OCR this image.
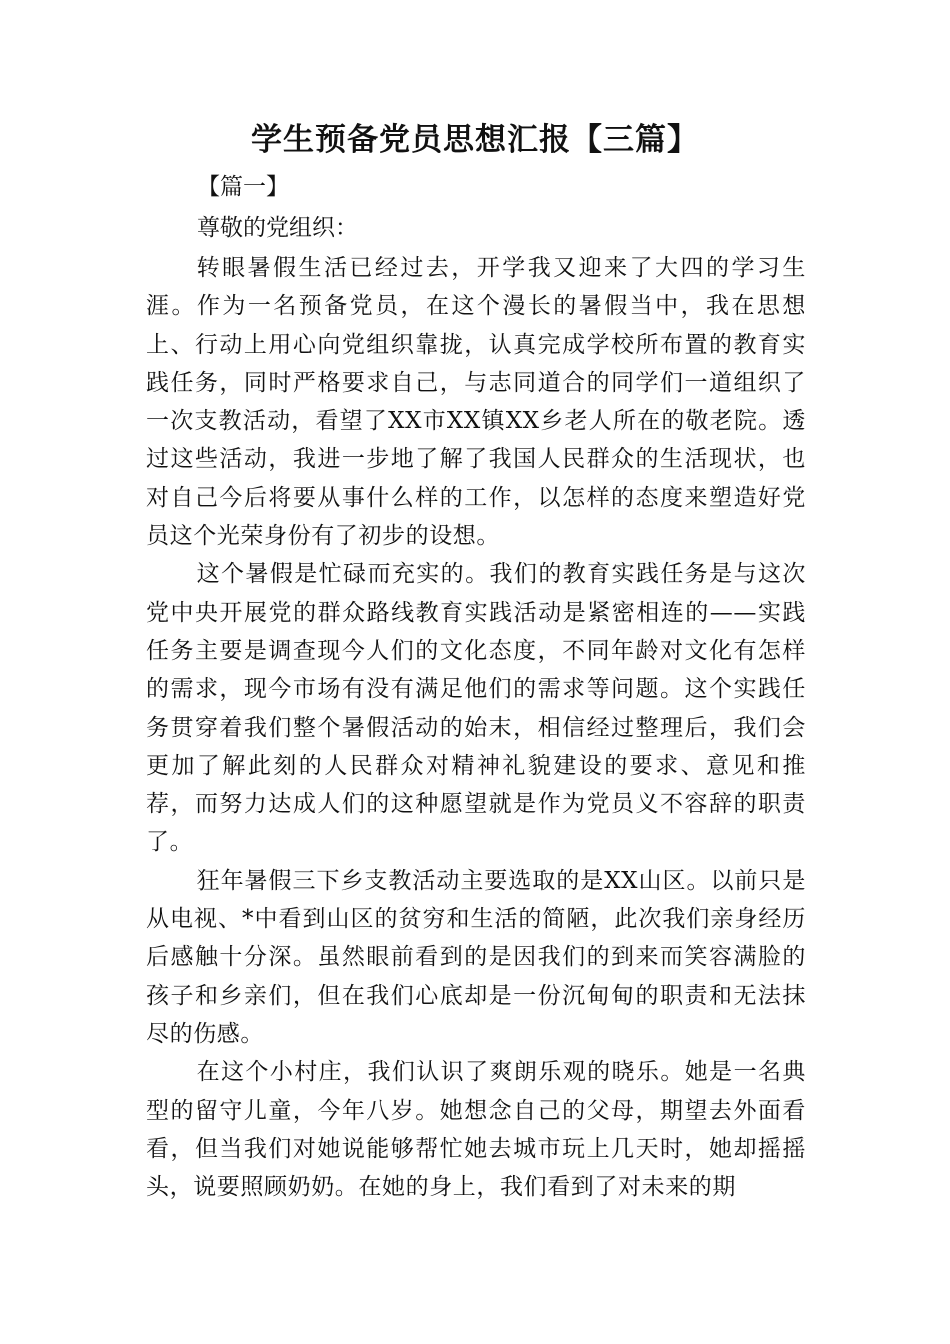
学生预备党员思想汇报【三篇】

【篇一】

尊敬的党组织：

转眼暑假生活已经过去，开学我又迎来了大四的学习生涯。作为一名预备党员，在这个漫长的暑假当中，我在思想上、行动上用心向党组织靠拢，认真完成学校所布置的教育实践任务，同时严格要求自己，与志同道合的同学们一道组织了一次支教活动，看望了XX市XX镇XX乡老人所在的敬老院。透过这些活动，我进一步地了解了我国人民群众的生活现状，也对自己今后将要从事什么样的工作，以怎样的态度来塑造好党员这个光荣身份有了初步的设想。

这个暑假是忙碌而充实的。我们的教育实践任务是与这次党中央开展党的群众路线教育实践活动是紧密相连的——实践任务主要是调查现今人们的文化态度，不同年龄对文化有怎样的需求，现今市场有没有满足他们的需求等问题。这个实践任务贯穿着我们整个暑假活动的始末，相信经过整理后，我们会更加了解此刻的人民群众对精神礼貌建设的要求、意见和推荐，而努力达成人们的这种愿望就是作为党员义不容辞的职责了。

狂年暑假三下乡支教活动主要选取的是XX山区。以前只是从电视、*中看到山区的贫穷和生活的简陋，此次我们亲身经历后感触十分深。虽然眼前看到的是因我们的到来而笑容满脸的孩子和乡亲们，但在我们心底却是一份沉甸甸的职责和无法抹尽的伤感。

在这个小村庄，我们认识了爽朗乐观的晓乐。她是一名典型的留守儿童，今年八岁。她想念自己的父母，期望去外面看看，但当我们对她说能够帮忙她去城市玩上几天时，她却摇摇头，说要照顾奶奶。在她的身上，我们看到了对未来的期
